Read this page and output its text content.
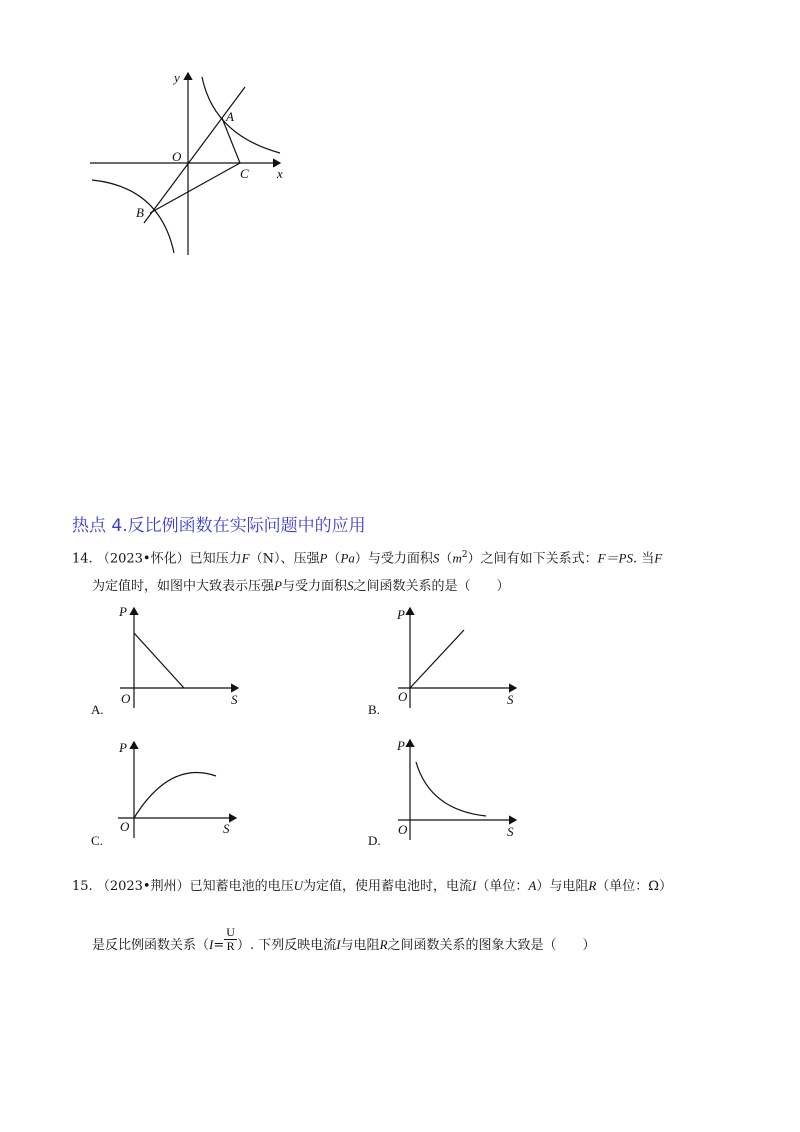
y
x
O
A
B
C
热点 4.反比例函数在实际问题中的应用
14. （2023•怀化）已知压力F（N）、压强P（Pa）与受力面积$S(m^2)$之间有如下关系式：F＝PS. 当F
为定值时，如图中大致表示压强P与受力面积S之间函数关系的是（　　）
P
S
O
A.
P
S
O
B.
P
S
O
C.
P
S
O
D.
15. （2023•荆州）已知蓄电池的电压U为定值，使用蓄电池时，电流I（单位：A）与电阻R（单位：Ω）
是反比例函数关系（$I= \frac{U}{R}$ ）. 下列反映电流I与电阻R之间函数关系的图象大致是（　　）
